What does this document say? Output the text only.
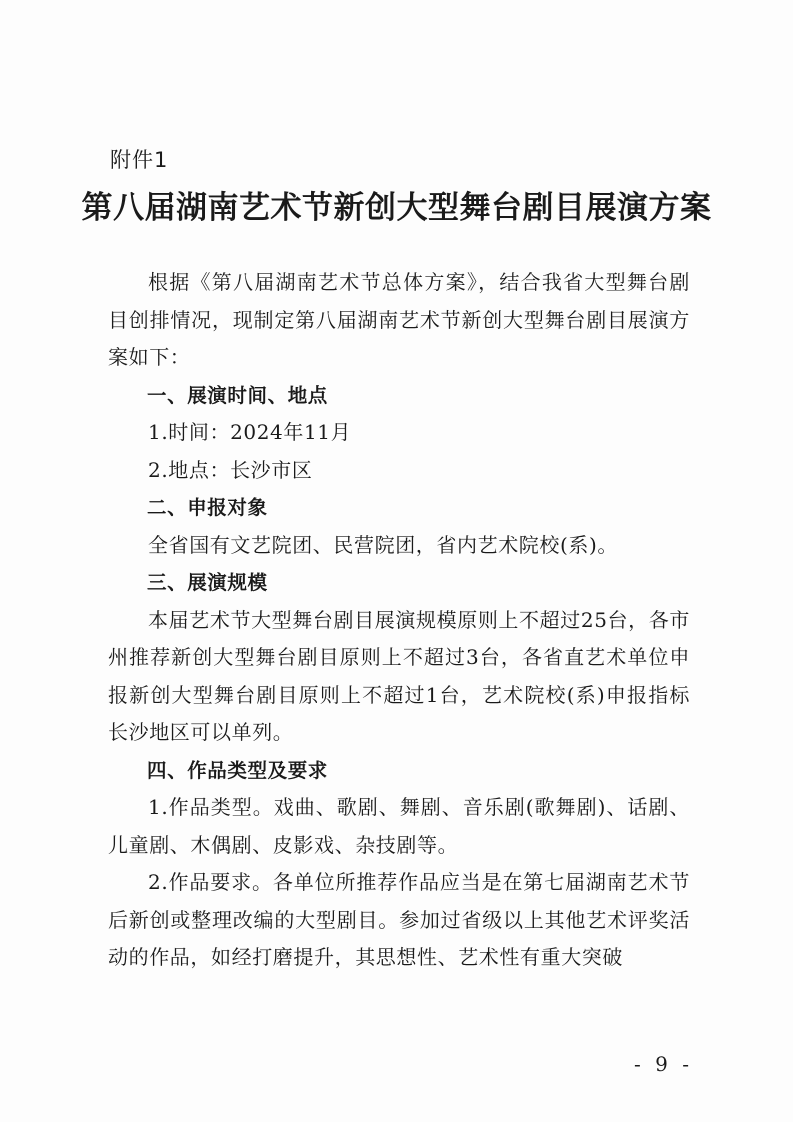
附件1
第八届湖南艺术节新创大型舞台剧目展演方案

根据《第八届湖南艺术节总体方案》，结合我省大型舞台剧目创排情况，现制定第八届湖南艺术节新创大型舞台剧目展演方案如下：

一、展演时间、地点

1.时间：2024年11月

2.地点：长沙市区

二、申报对象

全省国有文艺院团、民营院团，省内艺术院校(系)。

三、展演规模

本届艺术节大型舞台剧目展演规模原则上不超过25台，各市州推荐新创大型舞台剧目原则上不超过3台，各省直艺术单位申报新创大型舞台剧目原则上不超过1台，艺术院校(系)申报指标长沙地区可以单列。

四、作品类型及要求

1.作品类型。戏曲、歌剧、舞剧、音乐剧(歌舞剧)、话剧、儿童剧、木偶剧、皮影戏、杂技剧等。

2.作品要求。各单位所推荐作品应当是在第七届湖南艺术节后新创或整理改编的大型剧目。参加过省级以上其他艺术评奖活动的作品，如经打磨提升，其思想性、艺术性有重大突破

- 9 -
